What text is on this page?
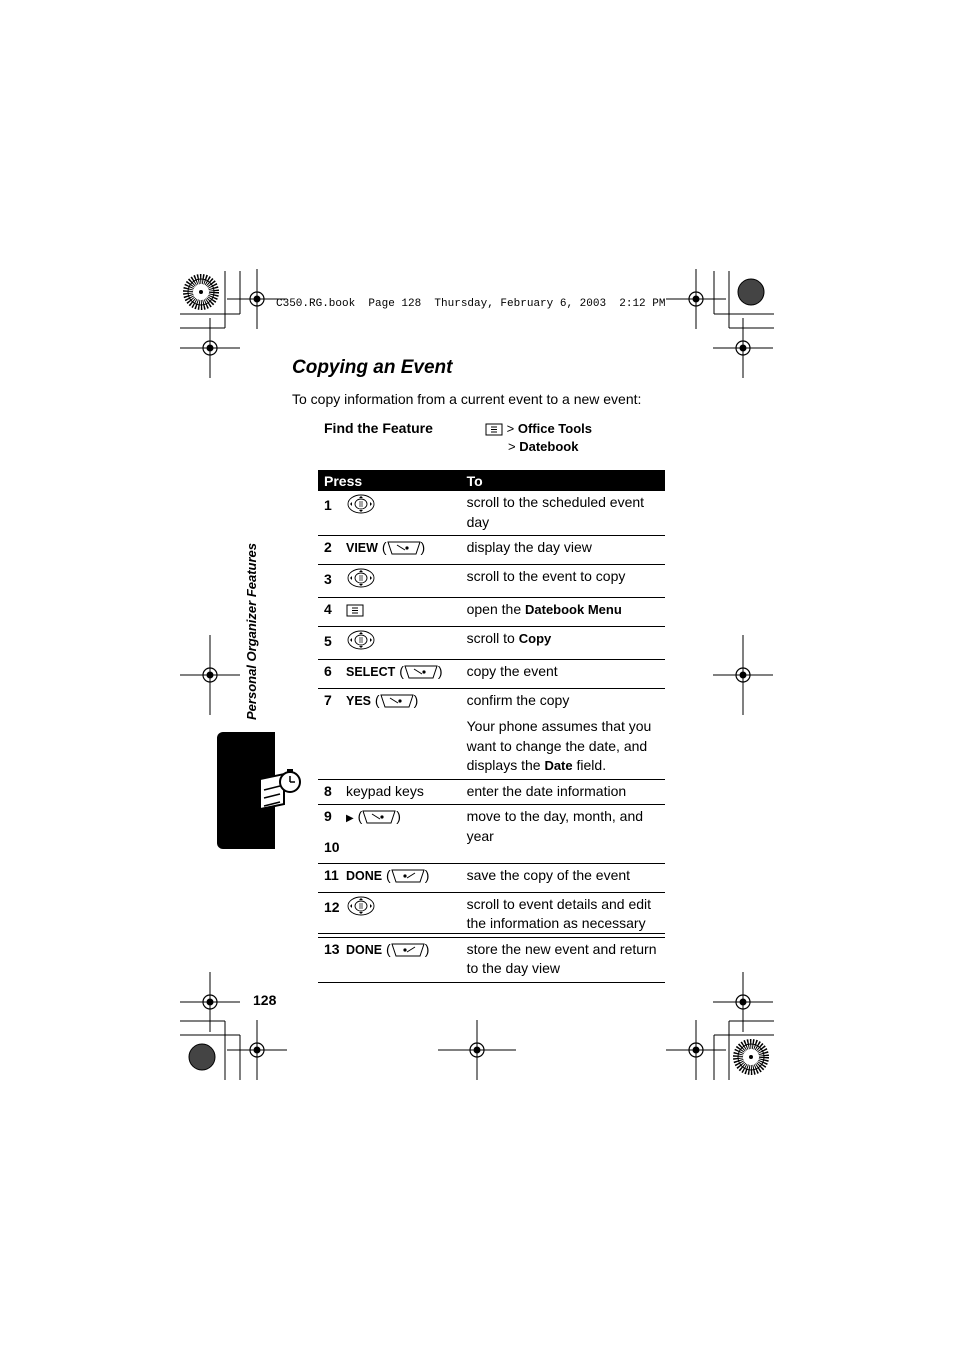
C350.RG.book  Page 128  Thursday, February 6, 2003  2:12 PM
Personal Organizer Features
Copying an Event
To copy information from a current event to a new event:
Find the Feature	> Office Tools
> Datebook
Press	To
1	scroll to the scheduled event day
2 VIEW ( )	display the day view
3	scroll to the event to copy
4	open the Datebook Menu
5	scroll to Copy
6 SELECT ( )	copy the event
7 YES ( )	confirm the copy
Your phone assumes that you want to change the date, and displays the Date field.

8 keypad keys	enter the date information

9 ▶ ( )
10	move to the day, month, and year
11 DONE ( )	save the copy of the event
12	scroll to event details and edit the information as necessary
13 DONE ( )	store the new event and return to the day view
128
